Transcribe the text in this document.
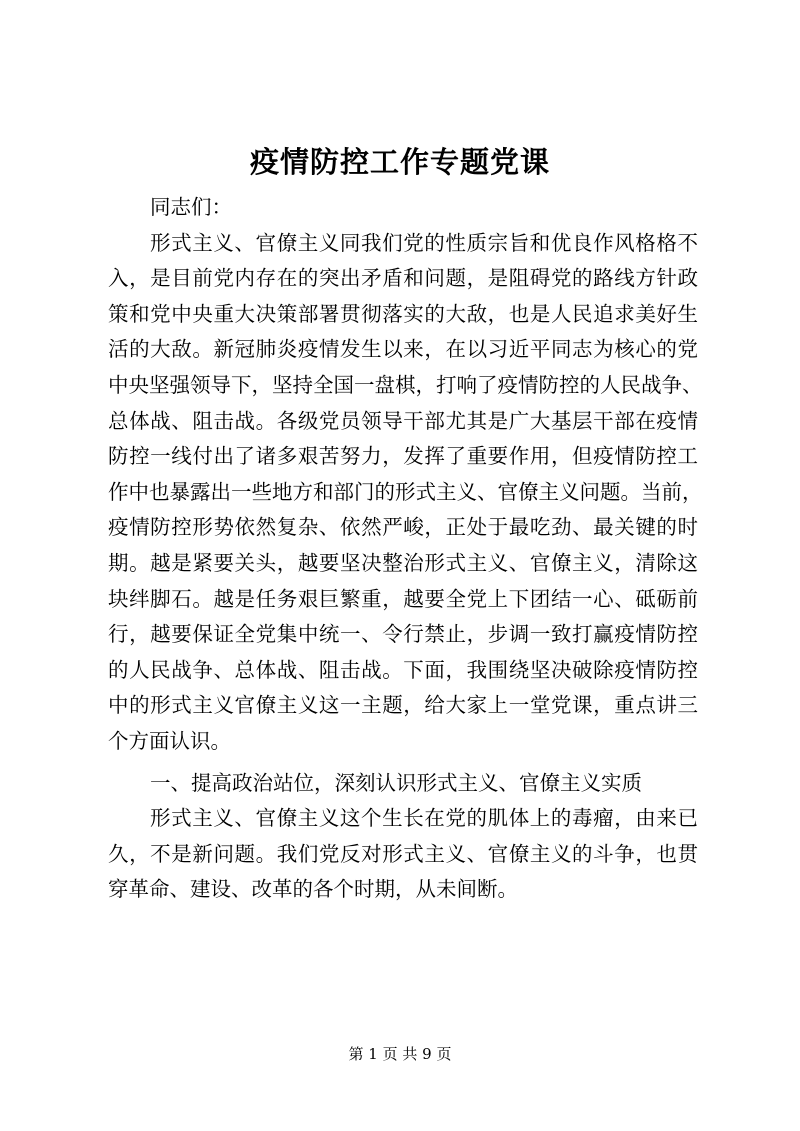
疫情防控工作专题党课
同志们：
形式主义、官僚主义同我们党的性质宗旨和优良作风格格不
入，是目前党内存在的突出矛盾和问题，是阻碍党的路线方针政
策和党中央重大决策部署贯彻落实的大敌，也是人民追求美好生
活的大敌。新冠肺炎疫情发生以来，在以习近平同志为核心的党
中央坚强领导下，坚持全国一盘棋，打响了疫情防控的人民战争、
总体战、阻击战。各级党员领导干部尤其是广大基层干部在疫情
防控一线付出了诸多艰苦努力，发挥了重要作用，但疫情防控工
作中也暴露出一些地方和部门的形式主义、官僚主义问题。当前，
疫情防控形势依然复杂、依然严峻，正处于最吃劲、最关键的时
期。越是紧要关头，越要坚决整治形式主义、官僚主义，清除这
块绊脚石。越是任务艰巨繁重，越要全党上下团结一心、砥砺前
行，越要保证全党集中统一、令行禁止，步调一致打赢疫情防控
的人民战争、总体战、阻击战。下面，我围绕坚决破除疫情防控
中的形式主义官僚主义这一主题，给大家上一堂党课，重点讲三
个方面认识。
一、提高政治站位，深刻认识形式主义、官僚主义实质
形式主义、官僚主义这个生长在党的肌体上的毒瘤，由来已
久，不是新问题。我们党反对形式主义、官僚主义的斗争，也贯
穿革命、建设、改革的各个时期，从未间断。
第 1 页 共 9 页
